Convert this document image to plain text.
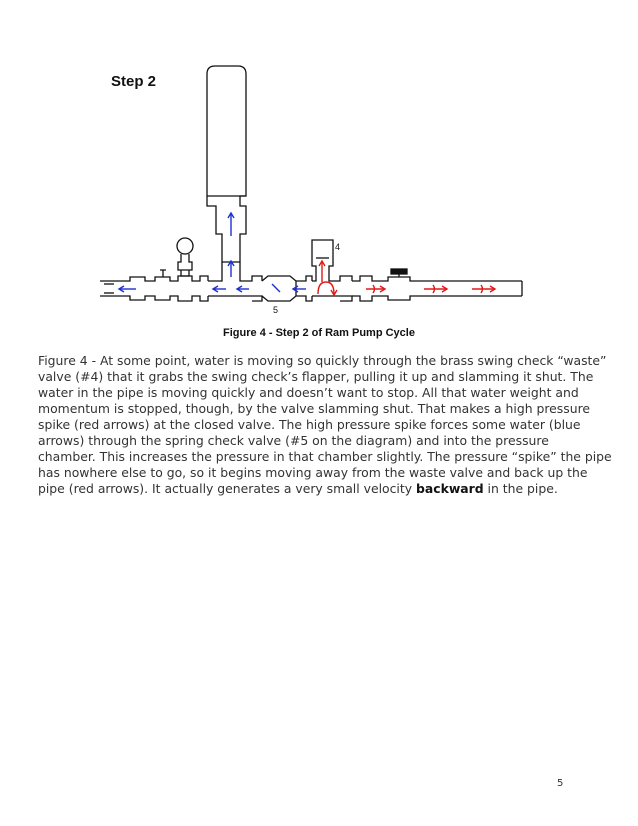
Step 2
4
5
Figure 4 - Step 2 of Ram Pump Cycle
Figure 4 - At some point, water is moving so quickly through the brass swing check “waste”
valve (#4) that it grabs the swing check’s flapper, pulling it up and slamming it shut. The
water in the pipe is moving quickly and doesn’t want to stop. All that water weight and
momentum is stopped, though, by the valve slamming shut. That makes a high pressure
spike (red arrows) at the closed valve. The high pressure spike forces some water (blue
arrows) through the spring check valve (#5 on the diagram) and into the pressure
chamber. This increases the pressure in that chamber slightly. The pressure “spike” the pipe
has nowhere else to go, so it begins moving away from the waste valve and back up the
pipe (red arrows). It actually generates a very small velocity backward in the pipe.
5
